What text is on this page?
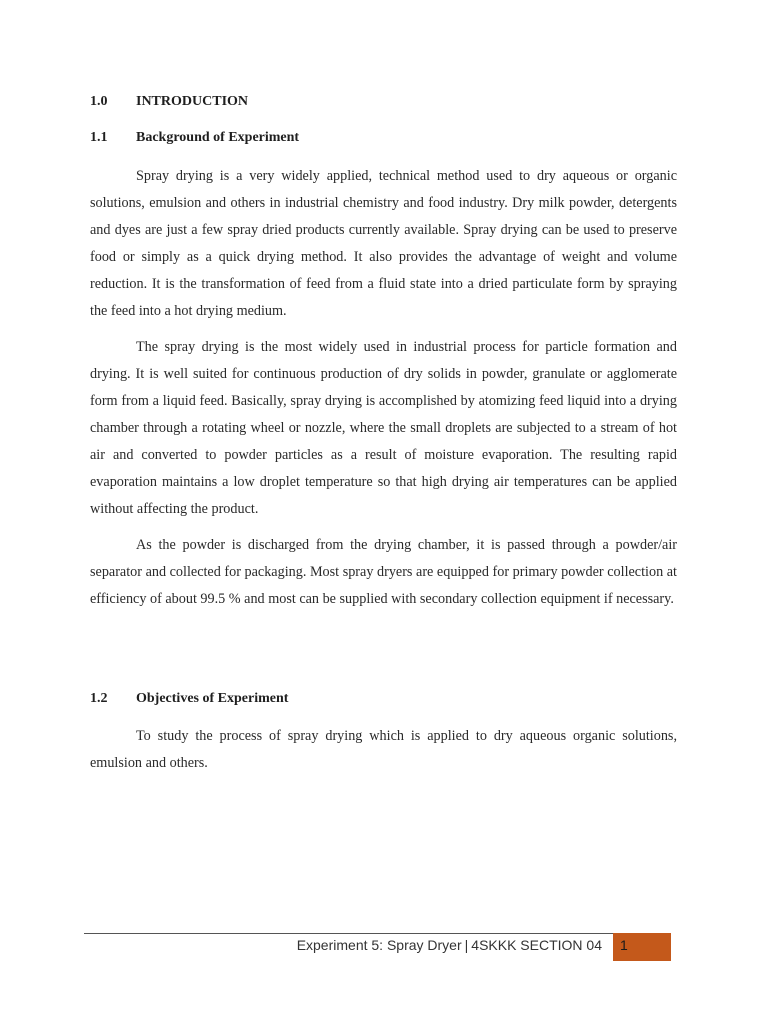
1.0 INTRODUCTION
1.1 Background of Experiment

Spray drying is a very widely applied, technical method used to dry aqueous or organic solutions, emulsion and others in industrial chemistry and food industry. Dry milk powder, detergents and dyes are just a few spray dried products currently available. Spray drying can be used to preserve food or simply as a quick drying method. It also provides the advantage of weight and volume reduction. It is the transformation of feed from a fluid state into a dried particulate form by spraying the feed into a hot drying medium.

The spray drying is the most widely used in industrial process for particle formation and drying. It is well suited for continuous production of dry solids in powder, granulate or agglomerate form from a liquid feed. Basically, spray drying is accomplished by atomizing feed liquid into a drying chamber through a rotating wheel or nozzle, where the small droplets are subjected to a stream of hot air and converted to powder particles as a result of moisture evaporation. The resulting rapid evaporation maintains a low droplet temperature so that high drying air temperatures can be applied without affecting the product.

As the powder is discharged from the drying chamber, it is passed through a powder/air separator and collected for packaging. Most spray dryers are equipped for primary powder collection at efficiency of about 99.5 % and most can be supplied with secondary collection equipment if necessary.

1.2 Objectives of Experiment

To study the process of spray drying which is applied to dry aqueous organic solutions, emulsion and others.

Experiment 5: Spray Dryer | 4SKKK SECTION 04 1
